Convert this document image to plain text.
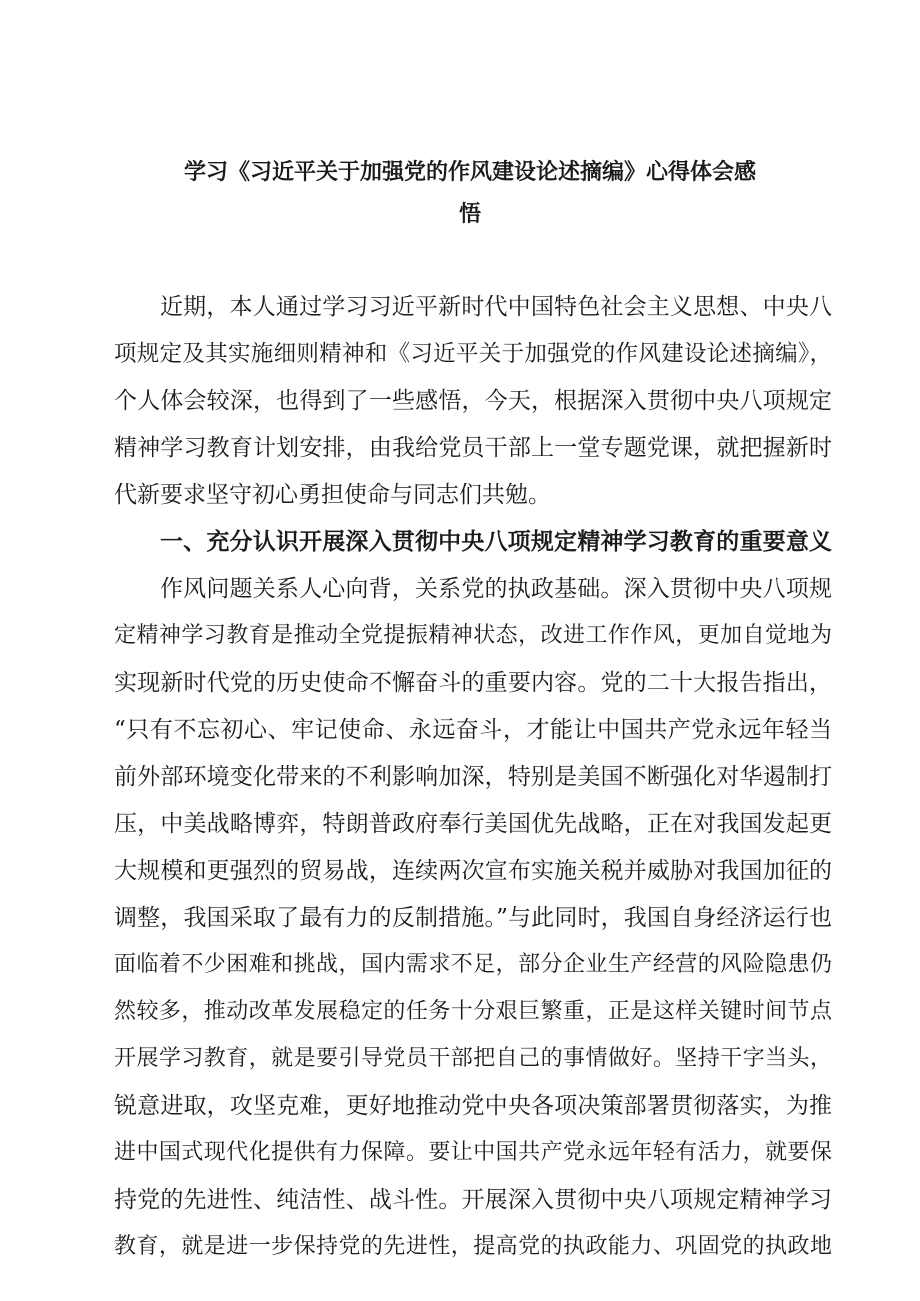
学习《习近平关于加强党的作风建设论述摘编》心得体会感
悟
近期，本人通过学习习近平新时代中国特色社会主义思想、中央八
项规定及其实施细则精神和《习近平关于加强党的作风建设论述摘编》，
个人体会较深，也得到了一些感悟，今天，根据深入贯彻中央八项规定
精神学习教育计划安排，由我给党员干部上一堂专题党课，就把握新时
代新要求坚守初心勇担使命与同志们共勉。
一、充分认识开展深入贯彻中央八项规定精神学习教育的重要意义
作风问题关系人心向背，关系党的执政基础。深入贯彻中央八项规
定精神学习教育是推动全党提振精神状态，改进工作作风，更加自觉地为
实现新时代党的历史使命不懈奋斗的重要内容。党的二十大报告指出，
“只有不忘初心、牢记使命、永远奋斗，才能让中国共产党永远年轻当
前外部环境变化带来的不利影响加深，特别是美国不断强化对华遏制打
压，中美战略博弈，特朗普政府奉行美国优先战略，正在对我国发起更
大规模和更强烈的贸易战，连续两次宣布实施关税并威胁对我国加征的
调整，我国采取了最有力的反制措施。”与此同时，我国自身经济运行也
面临着不少困难和挑战，国内需求不足，部分企业生产经营的风险隐患仍
然较多，推动改革发展稳定的任务十分艰巨繁重，正是这样关键时间节点
开展学习教育，就是要引导党员干部把自己的事情做好。坚持干字当头，
锐意进取，攻坚克难，更好地推动党中央各项决策部署贯彻落实，为推
进中国式现代化提供有力保障。要让中国共产党永远年轻有活力，就要保
持党的先进性、纯洁性、战斗性。开展深入贯彻中央八项规定精神学习
教育，就是进一步保持党的先进性，提高党的执政能力、巩固党的执政地
